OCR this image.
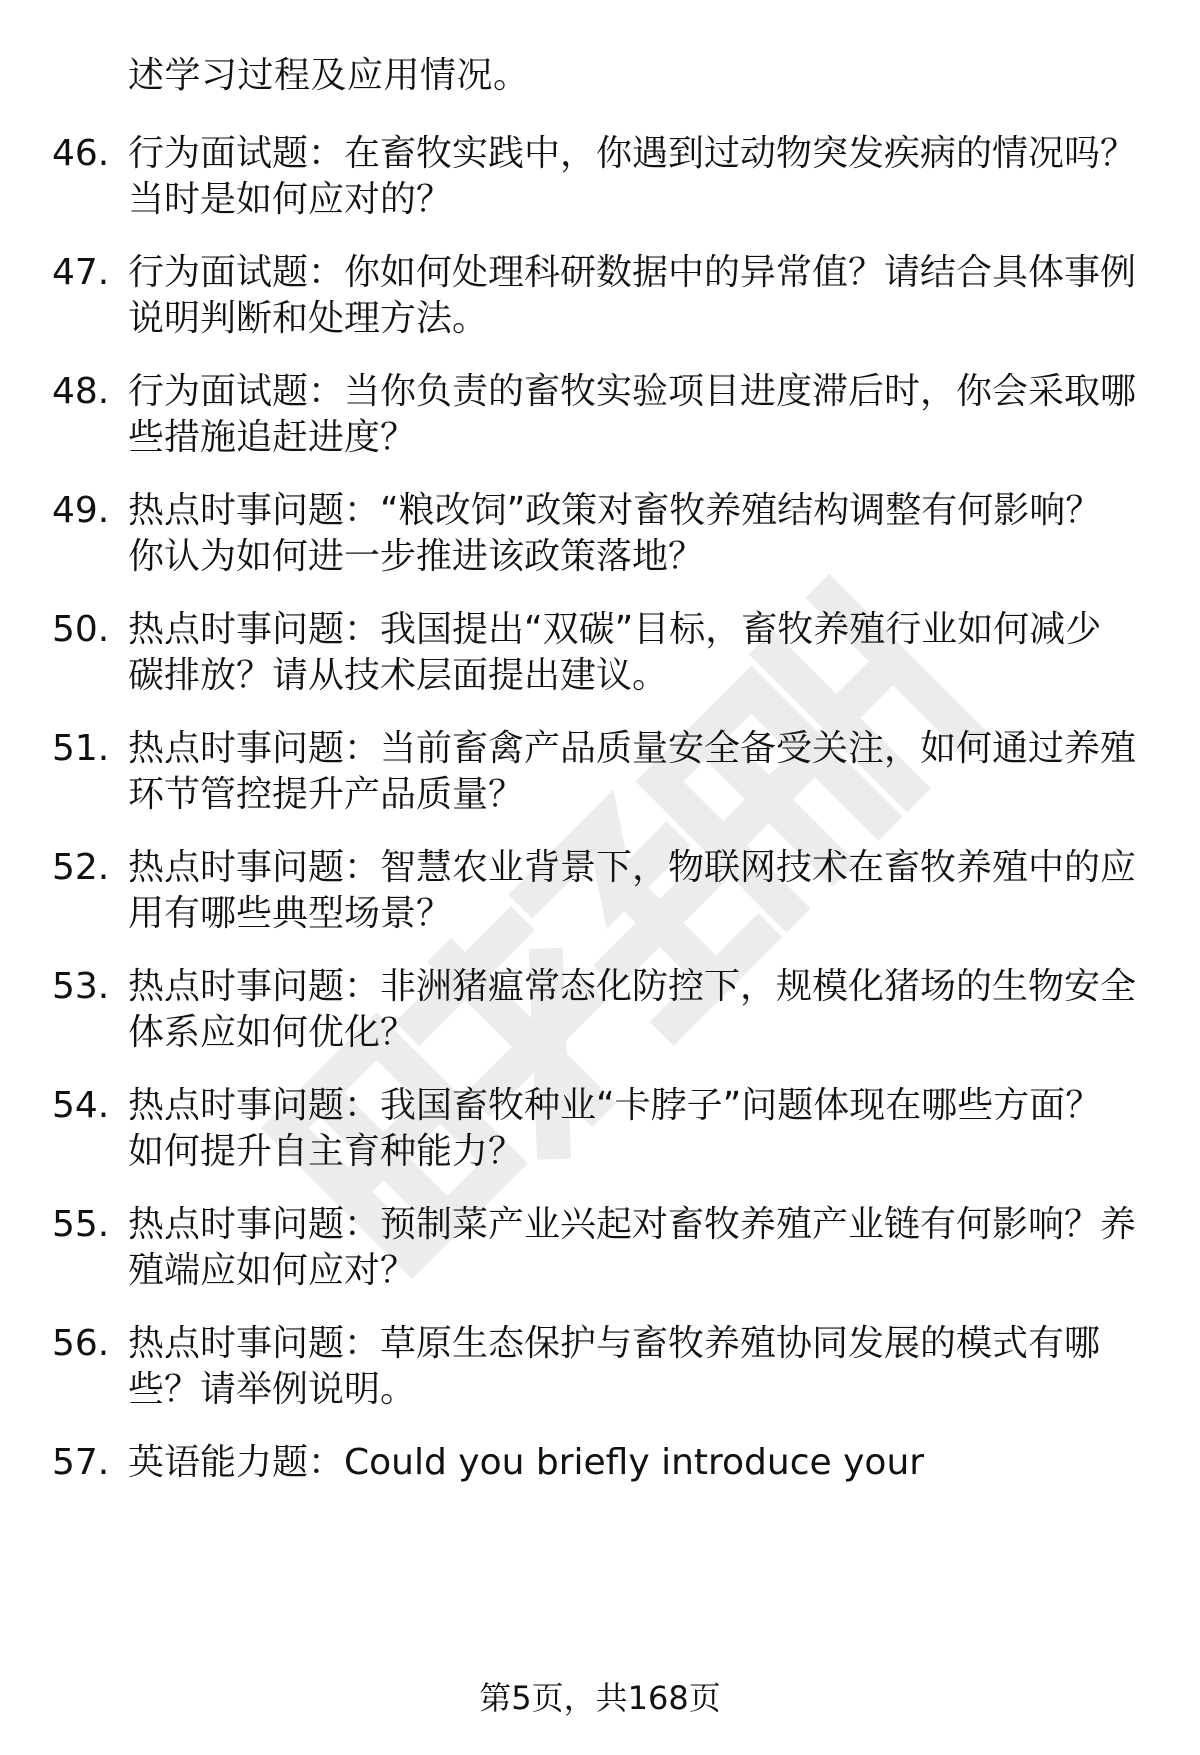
述学习过程及应用情况。
46. 行为面试题：在畜牧实践中，你遇到过动物突发疾病的情况吗？
当时是如何应对的？
47. 行为面试题：你如何处理科研数据中的异常值？请结合具体事例
说明判断和处理方法。
48. 行为面试题：当你负责的畜牧实验项目进度滞后时，你会采取哪
些措施追赶进度？
49. 热点时事问题：“粮改饲”政策对畜牧养殖结构调整有何影响？
你认为如何进一步推进该政策落地？
50. 热点时事问题：我国提出“双碳”目标，畜牧养殖行业如何减少
碳排放？请从技术层面提出建议。
51. 热点时事问题：当前畜禽产品质量安全备受关注，如何通过养殖
环节管控提升产品质量？
52. 热点时事问题：智慧农业背景下，物联网技术在畜牧养殖中的应
用有哪些典型场景？
53. 热点时事问题：非洲猪瘟常态化防控下，规模化猪场的生物安全
体系应如何优化？
54. 热点时事问题：我国畜牧种业“卡脖子”问题体现在哪些方面？
如何提升自主育种能力？
55. 热点时事问题：预制菜产业兴起对畜牧养殖产业链有何影响？养
殖端应如何应对？
56. 热点时事问题：草原生态保护与畜牧养殖协同发展的模式有哪
些？请举例说明。
57. 英语能力题：Could you briefly introduce your
第5页，共168页
